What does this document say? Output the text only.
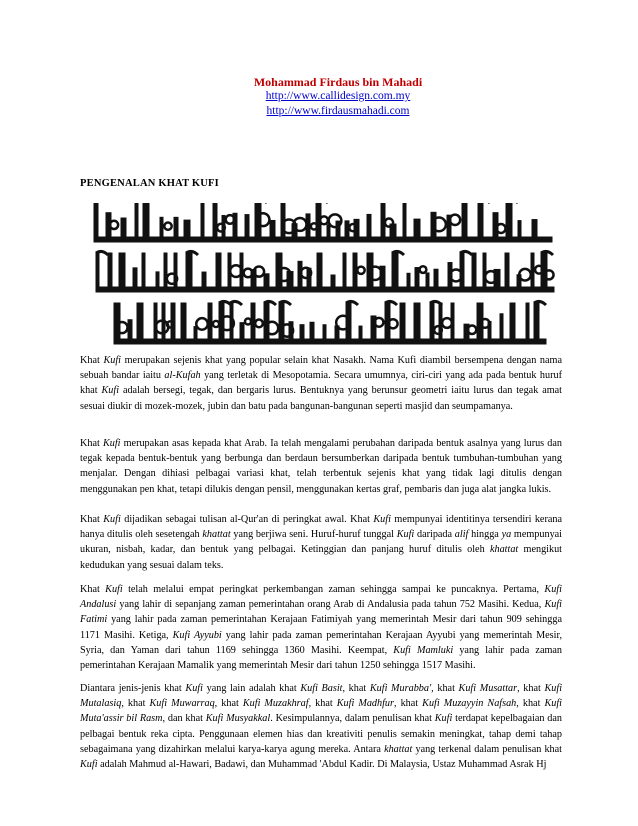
Mohammad Firdaus bin Mahadi
http://www.callidesign.com.my
http://www.firdausmahadi.com
PENGENALAN KHAT KUFI

Khat Kufi merupakan sejenis khat yang popular selain khat Nasakh. Nama Kufi diambil bersempena dengan nama sebuah bandar iaitu al-Kufah yang terletak di Mesopotamia. Secara umumnya, ciri-ciri yang ada pada bentuk huruf khat Kufi adalah bersegi, tegak, dan bergaris lurus. Bentuknya yang berunsur geometri iaitu lurus dan tegak amat sesuai diukir di mozek-mozek, jubin dan batu pada bangunan-bangunan seperti masjid dan seumpamanya.

Khat Kufi merupakan asas kepada khat Arab. Ia telah mengalami perubahan daripada bentuk asalnya yang lurus dan tegak kepada bentuk-bentuk yang berbunga dan berdaun bersumberkan daripada bentuk tumbuhan-tumbuhan yang menjalar. Dengan dihiasi pelbagai variasi khat, telah terbentuk sejenis khat yang tidak lagi ditulis dengan menggunakan pen khat, tetapi dilukis dengan pensil, menggunakan kertas graf, pembaris dan juga alat jangka lukis.

Khat Kufi dijadikan sebagai tulisan al-Qur'an di peringkat awal. Khat Kufi mempunyai identitinya tersendiri kerana hanya ditulis oleh sesetengah khattat yang berjiwa seni. Huruf-huruf tunggal Kufi daripada alif hingga ya mempunyai ukuran, nisbah, kadar, dan bentuk yang pelbagai. Ketinggian dan panjang huruf ditulis oleh khattat mengikut kedudukan yang sesuai dalam teks.

Khat Kufi telah melalui empat peringkat perkembangan zaman sehingga sampai ke puncaknya. Pertama, Kufi Andalusi yang lahir di sepanjang zaman pemerintahan orang Arab di Andalusia pada tahun 752 Masihi. Kedua, Kufi Fatimi yang lahir pada zaman pemerintahan Kerajaan Fatimiyah yang memerintah Mesir dari tahun 909 sehingga 1171 Masihi. Ketiga, Kufi Ayyubi yang lahir pada zaman pemerintahan Kerajaan Ayyubi yang memerintah Mesir, Syria, dan Yaman dari tahun 1169 sehingga 1360 Masihi. Keempat, Kufi Mamluki yang lahir pada zaman pemerintahan Kerajaan Mamalik yang memerintah Mesir dari tahun 1250 sehingga 1517 Masihi.

Diantara jenis-jenis khat Kufi yang lain adalah khat Kufi Basit, khat Kufi Murabba', khat Kufi Musattar, khat Kufi Mutalasiq, khat Kufi Muwarraq, khat Kufi Muzakhraf, khat Kufi Madhfur, khat Kufi Muzayyin Nafsah, khat Kufi Muta'assir bil Rasm, dan khat Kufi Musyakkal. Kesimpulannya, dalam penulisan khat Kufi terdapat kepelbagaian dan pelbagai bentuk reka cipta. Penggunaan elemen hias dan kreativiti penulis semakin meningkat, tahap demi tahap sebagaimana yang dizahirkan melalui karya-karya agung mereka. Antara khattat yang terkenal dalam penulisan khat Kufi adalah Mahmud al-Hawari, Badawi, dan Muhammad 'Abdul Kadir. Di Malaysia, Ustaz Muhammad Asrak Hj
